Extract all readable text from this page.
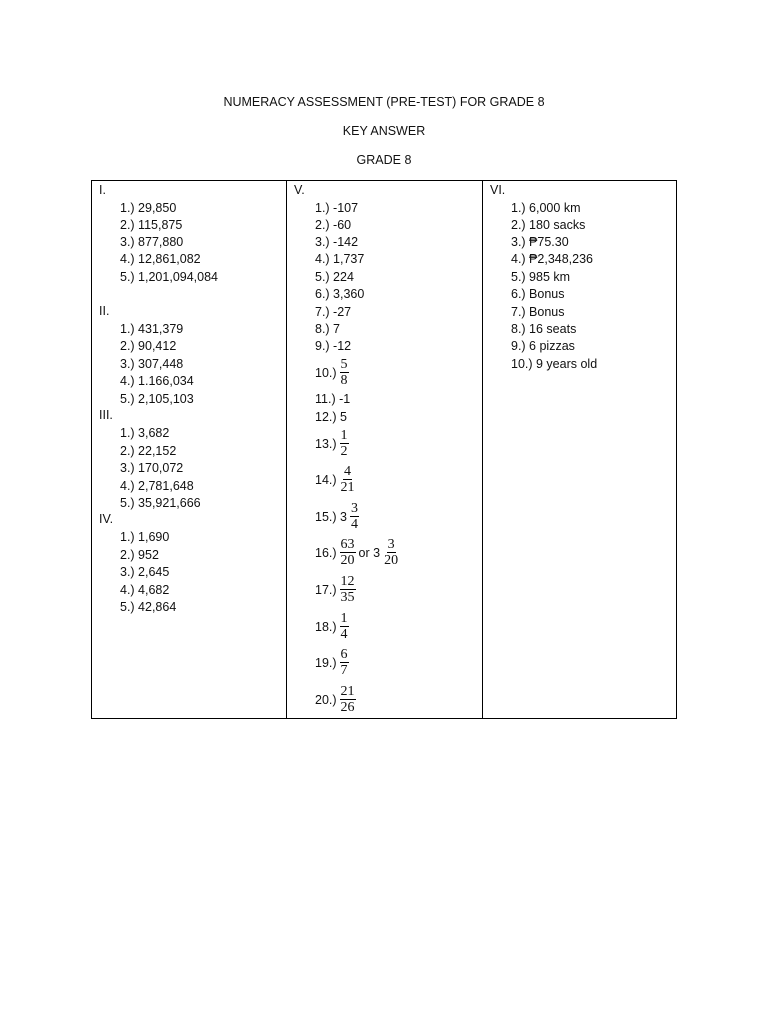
NUMERACY ASSESSMENT (PRE-TEST) FOR GRADE 8
KEY ANSWER
GRADE 8
I.
1.) 29,850
2.) 115,875
3.) 877,880
4.) 12,861,082
5.) 1,201,094,084
II.
1.) 431,379
2.) 90,412
3.) 307,448
4.) 1.166,034
5.) 2,105,103
III.
1.) 3,682
2.) 22,152
3.) 170,072
4.) 2,781,648
5.) 35,921,666
IV.
1.) 1,690
2.) 952
3.) 2,645
4.) 4,682
5.) 42,864
V.
1.) -107
2.) -60
3.) -142
4.) 1,737
5.) 224
6.) 3,360
7.) -27
8.) 7
9.) -12
$10.) \frac{5}{8}$
11.) -1
12.) 5
$13.) \frac{1}{2}$
$14.) \frac{4}{21}$
15.) $3 \frac{3}{4}$
$16.) \frac{63}{20}$ or $3 \frac{3}{20}$
$17.) \frac{12}{35}$
$18.) \frac{1}{4}$
$19.) \frac{6}{7}$
$20.) \frac{21}{26}$
VI.
1.) 6,000 km
2.) 180 sacks
3.) ₱75.30
4.) ₱2,348,236
5.) 985 km
6.) Bonus
7.) Bonus
8.) 16 seats
9.) 6 pizzas
10.) 9 years old
